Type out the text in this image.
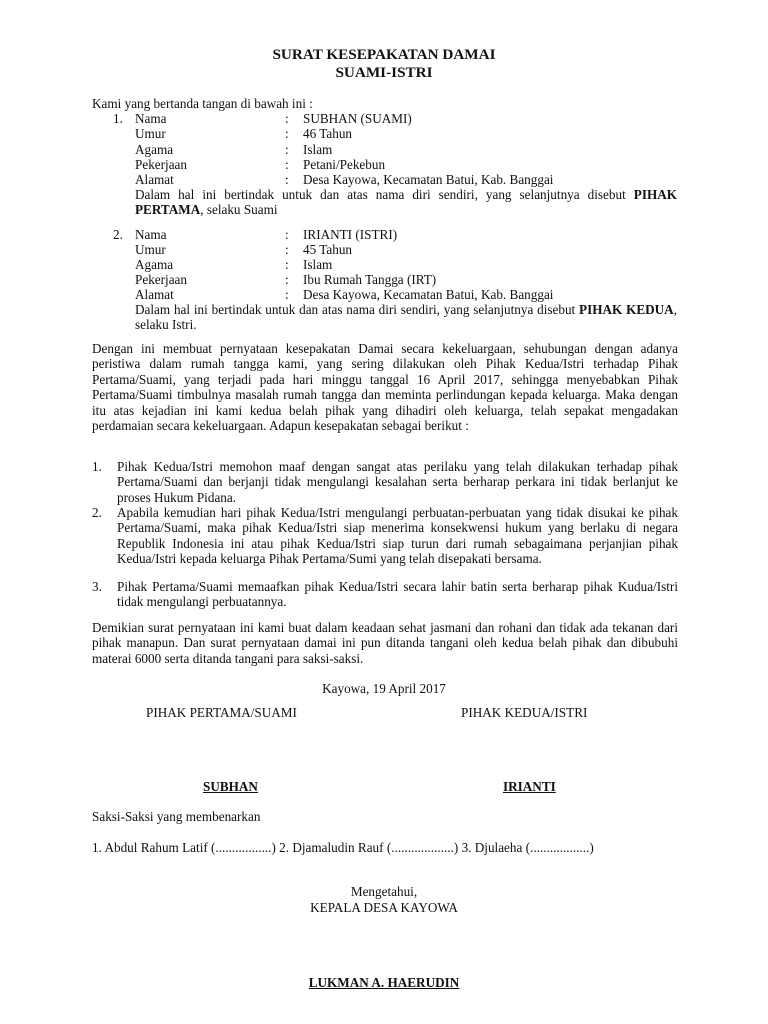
SURAT KESEPAKATAN DAMAI
SUAMI-ISTRI
Kami yang bertanda tangan di bawah ini :
1. Nama	: SUBHAN (SUAMI)
Umur	: 46 Tahun
Agama	: Islam
Pekerjaan	: Petani/Pekebun
Alamat	: Desa Kayowa, Kecamatan Batui, Kab. Banggai
Dalam hal ini bertindak untuk dan atas nama diri sendiri, yang selanjutnya disebut PIHAK PERTAMA, selaku Suami
2. Nama	: IRIANTI (ISTRI)
Umur	: 45 Tahun
Agama	: Islam
Pekerjaan	: Ibu Rumah Tangga (IRT)
Alamat	: Desa Kayowa, Kecamatan Batui, Kab. Banggai
Dalam hal ini bertindak untuk dan atas nama diri sendiri, yang selanjutnya disebut PIHAK KEDUA, selaku Istri.
Dengan ini membuat pernyataan kesepakatan Damai secara kekeluargaan, sehubungan dengan adanya peristiwa dalam rumah tangga kami, yang sering dilakukan oleh Pihak Kedua/Istri terhadap Pihak Pertama/Suami, yang terjadi pada hari minggu tanggal 16 April 2017, sehingga menyebabkan Pihak Pertama/Suami timbulnya masalah rumah tangga dan meminta perlindungan kepada keluarga. Maka dengan itu atas kejadian ini kami kedua belah pihak yang dihadiri oleh keluarga, telah sepakat mengadakan perdamaian secara kekeluargaan. Adapun kesepakatan sebagai berikut :
1. Pihak Kedua/Istri memohon maaf dengan sangat atas perilaku yang telah dilakukan terhadap pihak Pertama/Suami dan berjanji tidak mengulangi kesalahan serta berharap perkara ini tidak berlanjut ke proses Hukum Pidana.
2. Apabila kemudian hari pihak Kedua/Istri mengulangi perbuatan-perbuatan yang tidak disukai ke pihak Pertama/Suami, maka pihak Kedua/Istri siap menerima konsekwensi hukum yang berlaku di negara Republik Indonesia ini atau pihak Kedua/Istri siap turun dari rumah sebagaimana perjanjian pihak Kedua/Istri kepada keluarga Pihak Pertama/Sumi yang telah disepakati bersama.
3. Pihak Pertama/Suami memaafkan pihak Kedua/Istri secara lahir batin serta berharap pihak Kudua/Istri tidak mengulangi perbuatannya.
Demikian surat pernyataan ini kami buat dalam keadaan sehat jasmani dan rohani dan tidak ada tekanan dari pihak manapun. Dan surat pernyataan damai ini pun ditanda tangani oleh kedua belah pihak dan dibubuhi materai 6000 serta ditanda tangani para saksi-saksi.
Kayowa, 19 April 2017
PIHAK PERTAMA/SUAMI	PIHAK KEDUA/ISTRI
SUBHAN	IRIANTI
Saksi-Saksi yang membenarkan
1. Abdul Rahum Latif (.................) 2. Djamaludin Rauf (...................) 3. Djulaeha (..................)
Mengetahui,
KEPALA DESA KAYOWA
LUKMAN A. HAERUDIN
